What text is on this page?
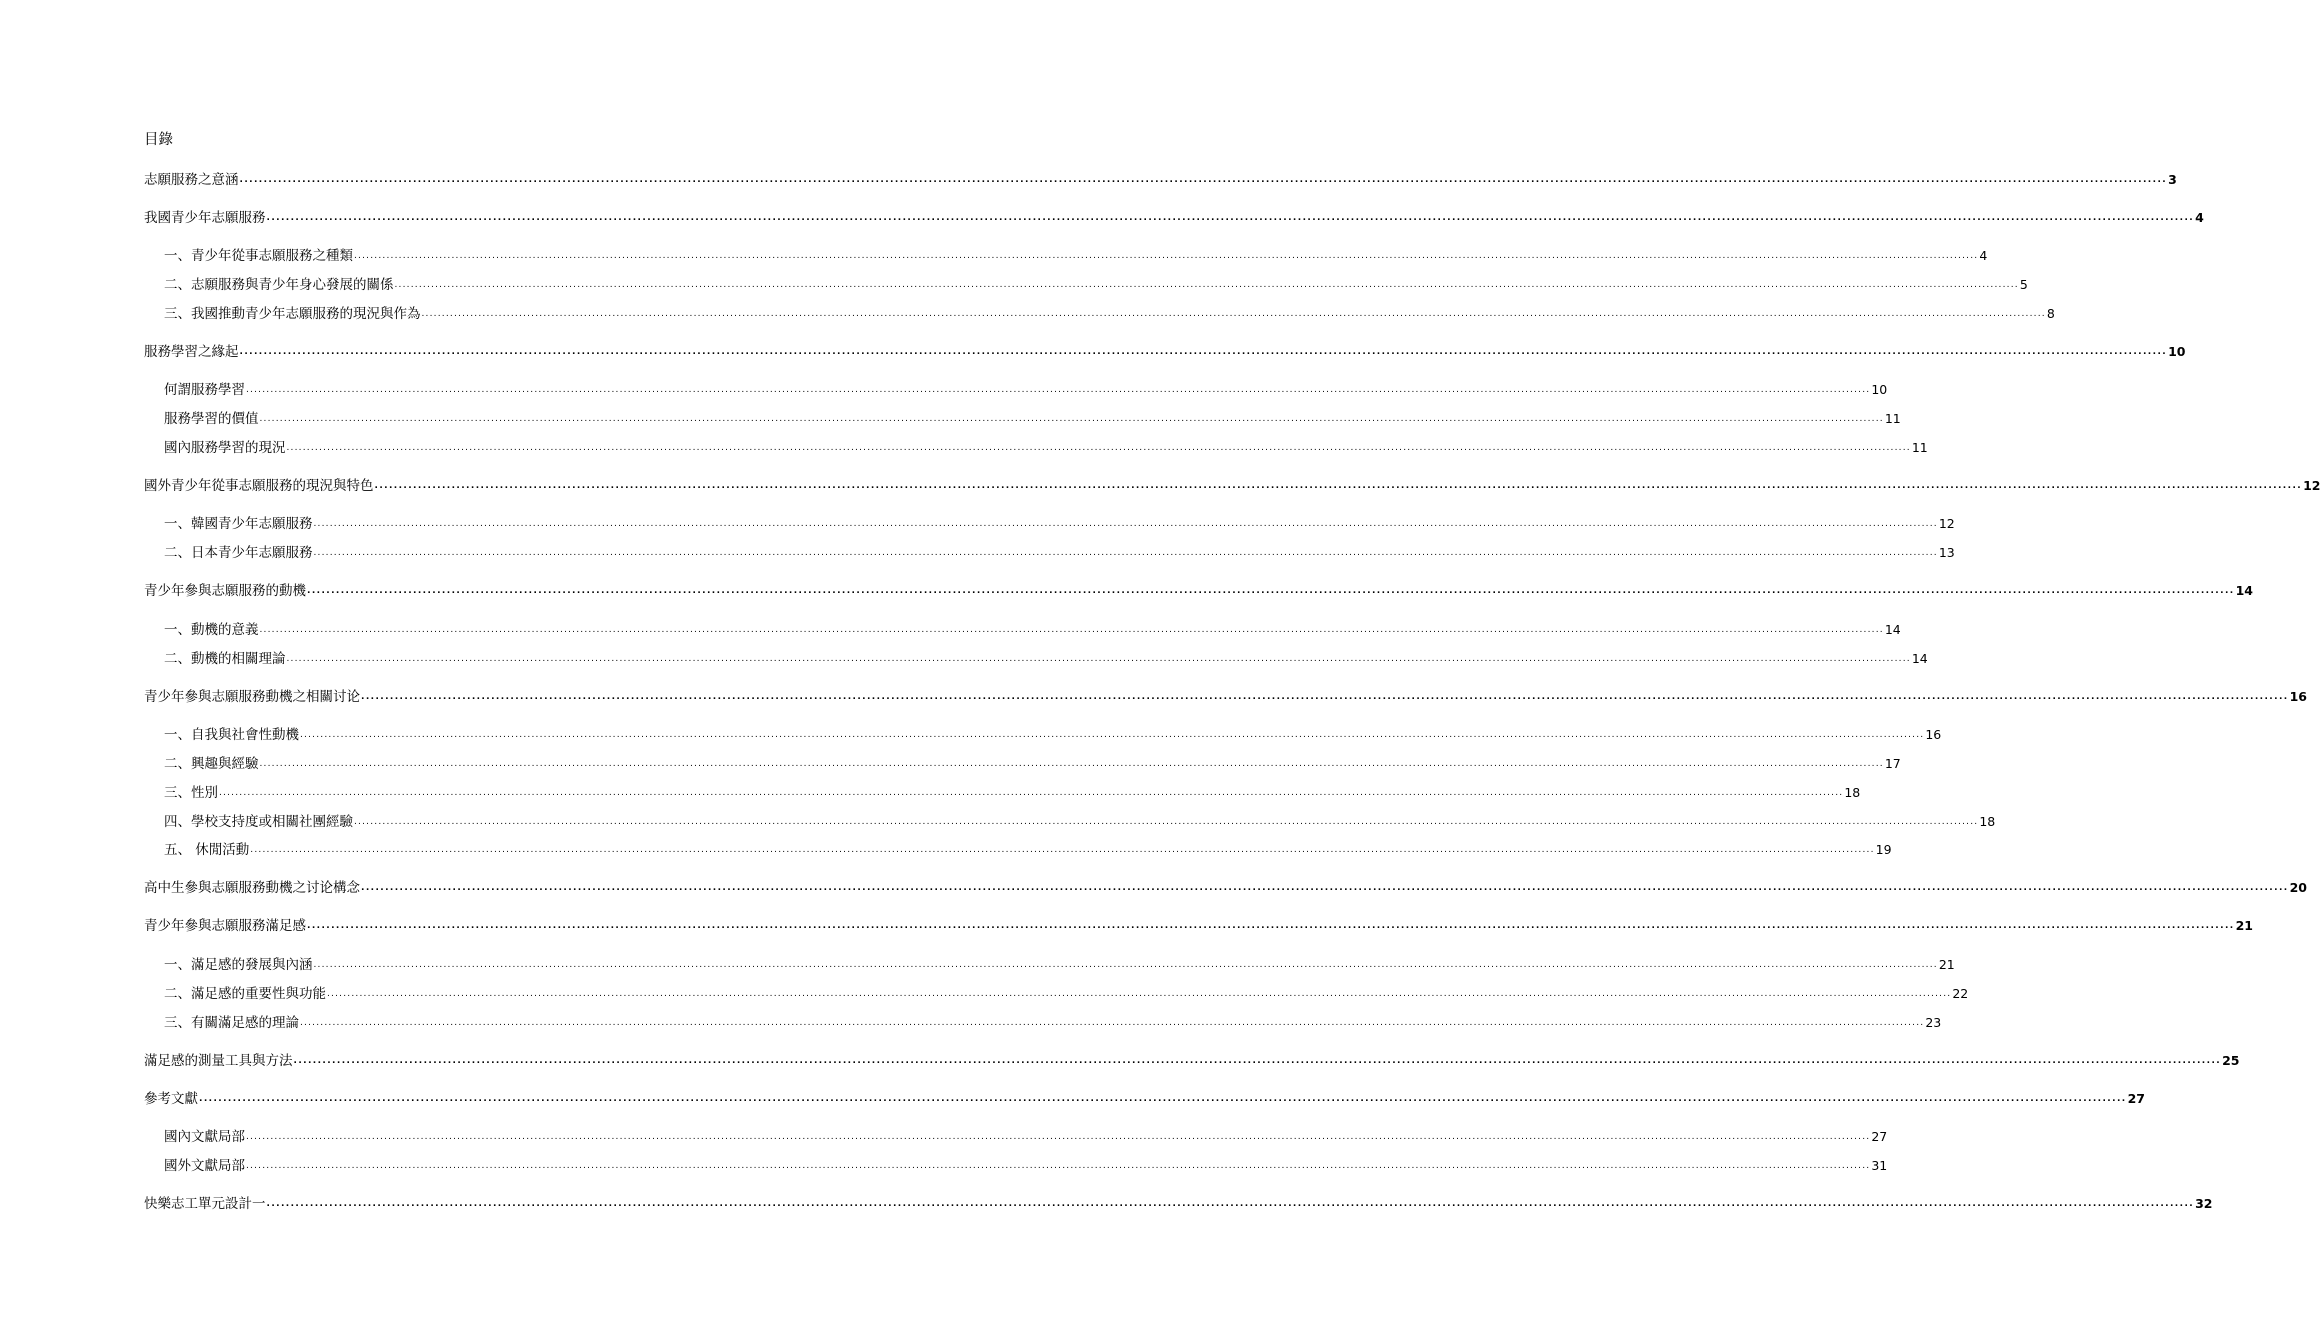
目錄
志願服務之意涵 ................................................................................................................................................................................................................................................................................................................................................................................................................ 3
我國青少年志願服務 ................................................................................................................................................................................................................................................................................................................................................................................................................ 4
一、青少年從事志願服務之種類 ................................................................................................................................................................................................................................................................................................................................................................................................................ 4
二、志願服務與青少年身心發展的關係 ................................................................................................................................................................................................................................................................................................................................................................................................................ 5
三、我國推動青少年志願服務的現況與作為 ................................................................................................................................................................................................................................................................................................................................................................................................................ 8
服務學習之緣起 ................................................................................................................................................................................................................................................................................................................................................................................................................ 10
何謂服務學習 ................................................................................................................................................................................................................................................................................................................................................................................................................ 10
服務學習的價值 ................................................................................................................................................................................................................................................................................................................................................................................................................ 11
國內服務學習的現況 ................................................................................................................................................................................................................................................................................................................................................................................................................ 11
國外青少年從事志願服務的現況與特色 ................................................................................................................................................................................................................................................................................................................................................................................................................ 12
一、韓國青少年志願服務 ................................................................................................................................................................................................................................................................................................................................................................................................................ 12
二、日本青少年志願服務 ................................................................................................................................................................................................................................................................................................................................................................................................................ 13
青少年參與志願服務的動機 ................................................................................................................................................................................................................................................................................................................................................................................................................ 14
一、動機的意義 ................................................................................................................................................................................................................................................................................................................................................................................................................ 14
二、動機的相關理論 ................................................................................................................................................................................................................................................................................................................................................................................................................ 14
青少年參與志願服務動機之相關讨论 ................................................................................................................................................................................................................................................................................................................................................................................................................ 16
一、自我與社會性動機 ................................................................................................................................................................................................................................................................................................................................................................................................................ 16
二、興趣與經驗 ................................................................................................................................................................................................................................................................................................................................................................................................................ 17
三、性別 ................................................................................................................................................................................................................................................................................................................................................................................................................ 18
四、學校支持度或相關社團經驗 ................................................................................................................................................................................................................................................................................................................................................................................................................ 18
五、 休閒活動 ................................................................................................................................................................................................................................................................................................................................................................................................................ 19
高中生參與志願服務動機之讨论構念 ................................................................................................................................................................................................................................................................................................................................................................................................................ 20
青少年參與志願服務滿足感 ................................................................................................................................................................................................................................................................................................................................................................................................................ 21
一、滿足感的發展與內涵 ................................................................................................................................................................................................................................................................................................................................................................................................................ 21
二、滿足感的重要性與功能 ................................................................................................................................................................................................................................................................................................................................................................................................................ 22
三、有關滿足感的理論 ................................................................................................................................................................................................................................................................................................................................................................................................................ 23
滿足感的測量工具與方法 ................................................................................................................................................................................................................................................................................................................................................................................................................ 25
參考文獻 ................................................................................................................................................................................................................................................................................................................................................................................................................ 27
國內文獻局部 ................................................................................................................................................................................................................................................................................................................................................................................................................ 27
國外文獻局部 ................................................................................................................................................................................................................................................................................................................................................................................................................ 31
快樂志工單元設計一 ................................................................................................................................................................................................................................................................................................................................................................................................................ 32
